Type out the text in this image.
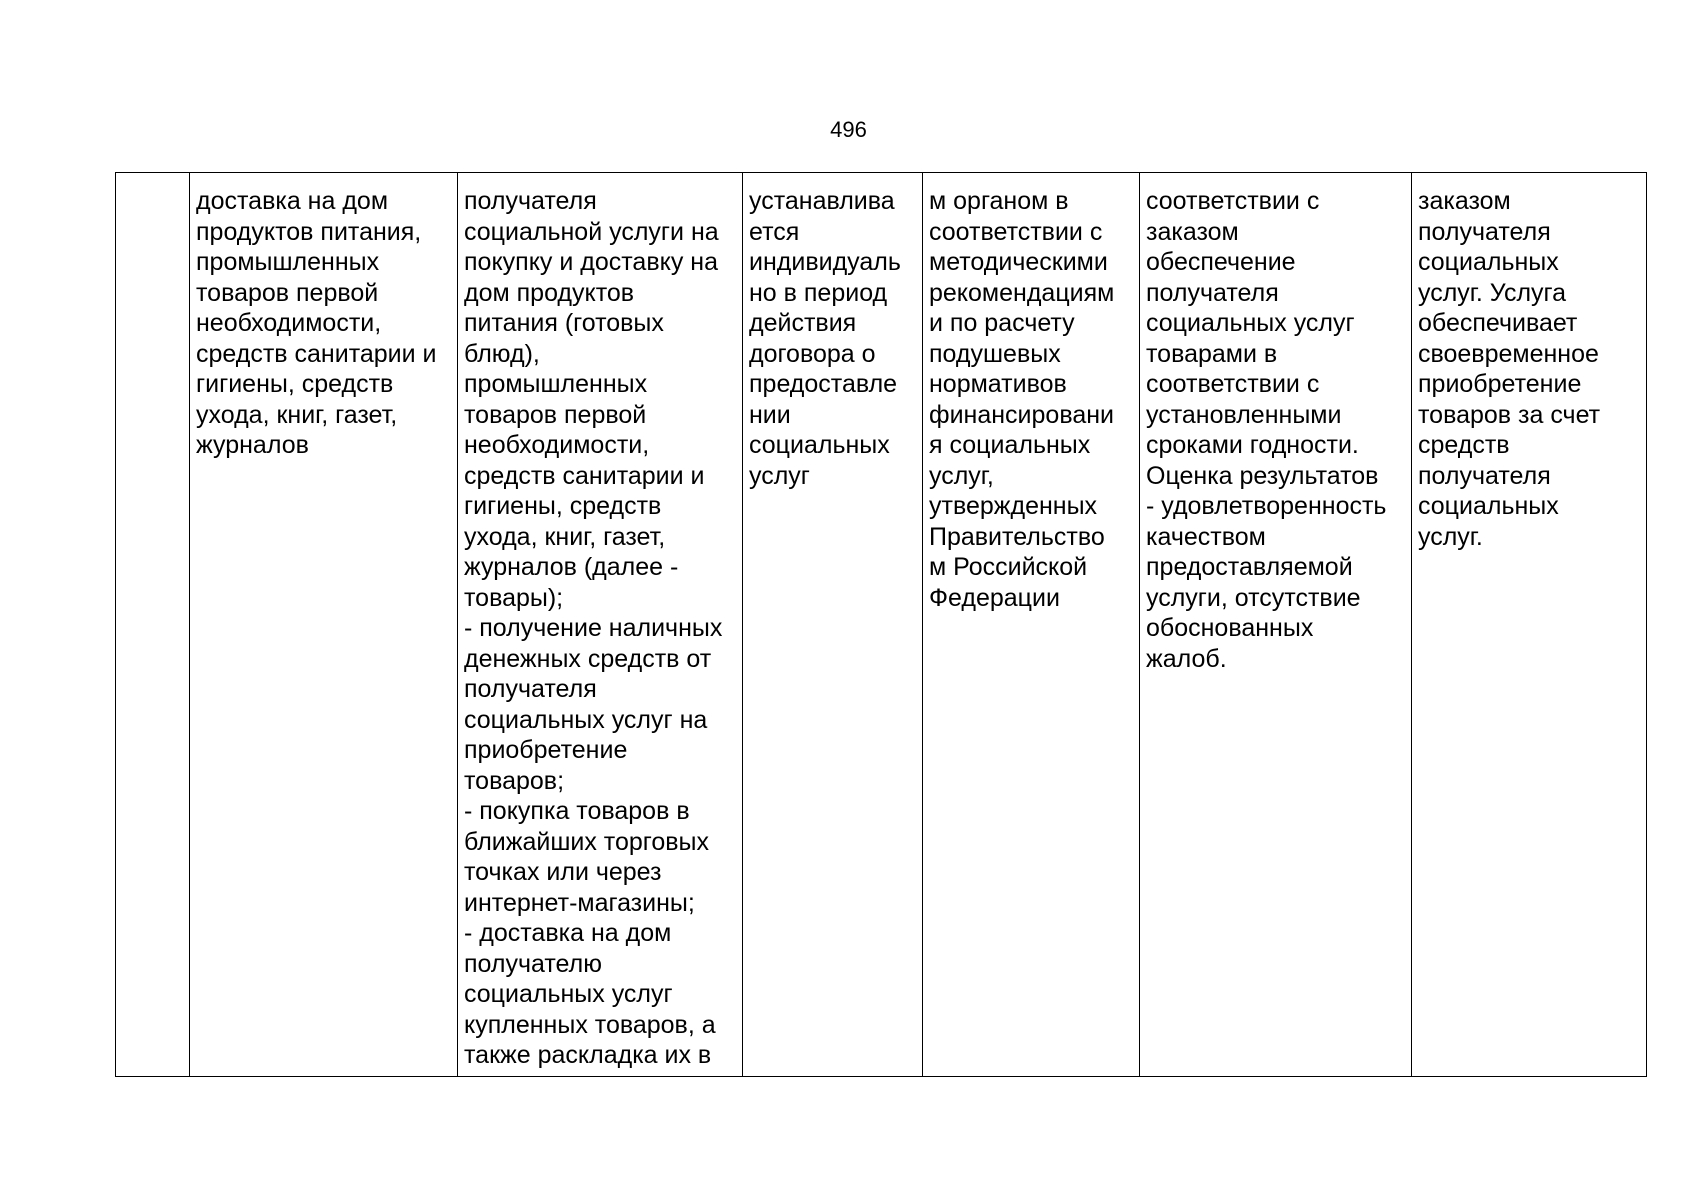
496
	доставка на дом
продуктов питания,
промышленных
товаров первой
необходимости,
средств санитарии и
гигиены, средств
ухода, книг, газет,
журналов	получателя
социальной услуги на
покупку и доставку на
дом продуктов
питания (готовых
блюд),
промышленных
товаров первой
необходимости,
средств санитарии и
гигиены, средств
ухода, книг, газет,
журналов (далее -
товары);
- получение наличных
денежных средств от
получателя
социальных услуг на
приобретение
товаров;
- покупка товаров в
ближайших торговых
точках или через
интернет-магазины;
- доставка на дом
получателю
социальных услуг
купленных товаров, а
также раскладка их в	устанавлива
ется
индивидуаль
но в период
действия
договора о
предоставле
нии
социальных
услуг	м органом в
соответствии с
методическими
рекомендациям
и по расчету
подушевых
нормативов
финансировани
я социальных
услуг,
утвержденных
Правительство
м Российской
Федерации	соответствии с
заказом
обеспечение
получателя
социальных услуг
товарами в
соответствии с
установленными
сроками годности.
Оценка результатов
- удовлетворенность
качеством
предоставляемой
услуги, отсутствие
обоснованных
жалоб.	заказом
получателя
социальных
услуг. Услуга
обеспечивает
своевременное
приобретение
товаров за счет
средств
получателя
социальных
услуг.
